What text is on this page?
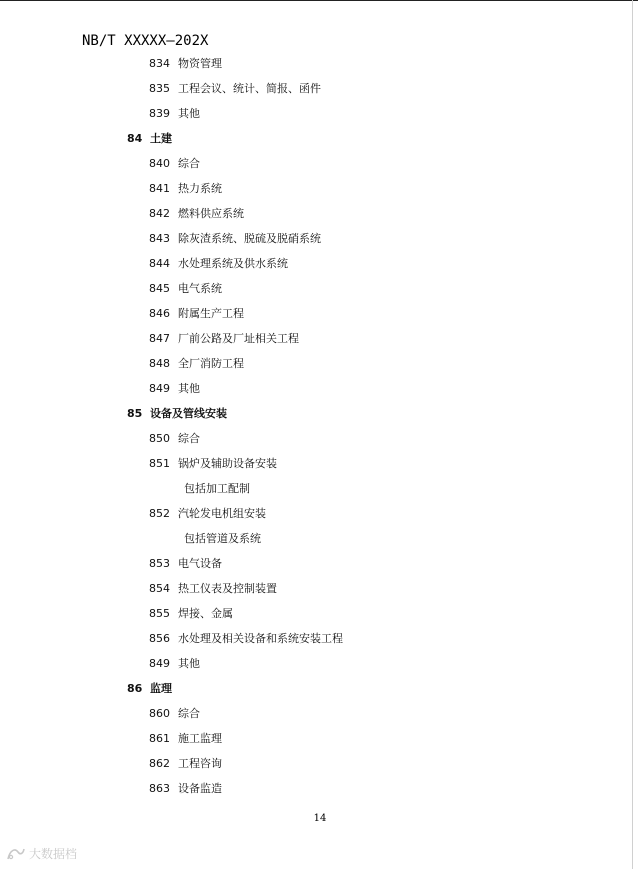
NB/T XXXXX—202X
834 物资管理
835 工程会议、统计、简报、函件
839 其他
84 土建
840 综合
841 热力系统
842 燃料供应系统
843 除灰渣系统、脱硫及脱硝系统
844 水处理系统及供水系统
845 电气系统
846 附属生产工程
847 厂前公路及厂址相关工程
848 全厂消防工程
849 其他
85 设备及管线安装
850 综合
851 锅炉及辅助设备安装
包括加工配制
852 汽轮发电机组安装
包括管道及系统
853 电气设备
854 热工仪表及控制装置
855 焊接、金属
856 水处理及相关设备和系统安装工程
849 其他
86 监理
860 综合
861 施工监理
862 工程咨询
863 设备监造
14
大数据档
